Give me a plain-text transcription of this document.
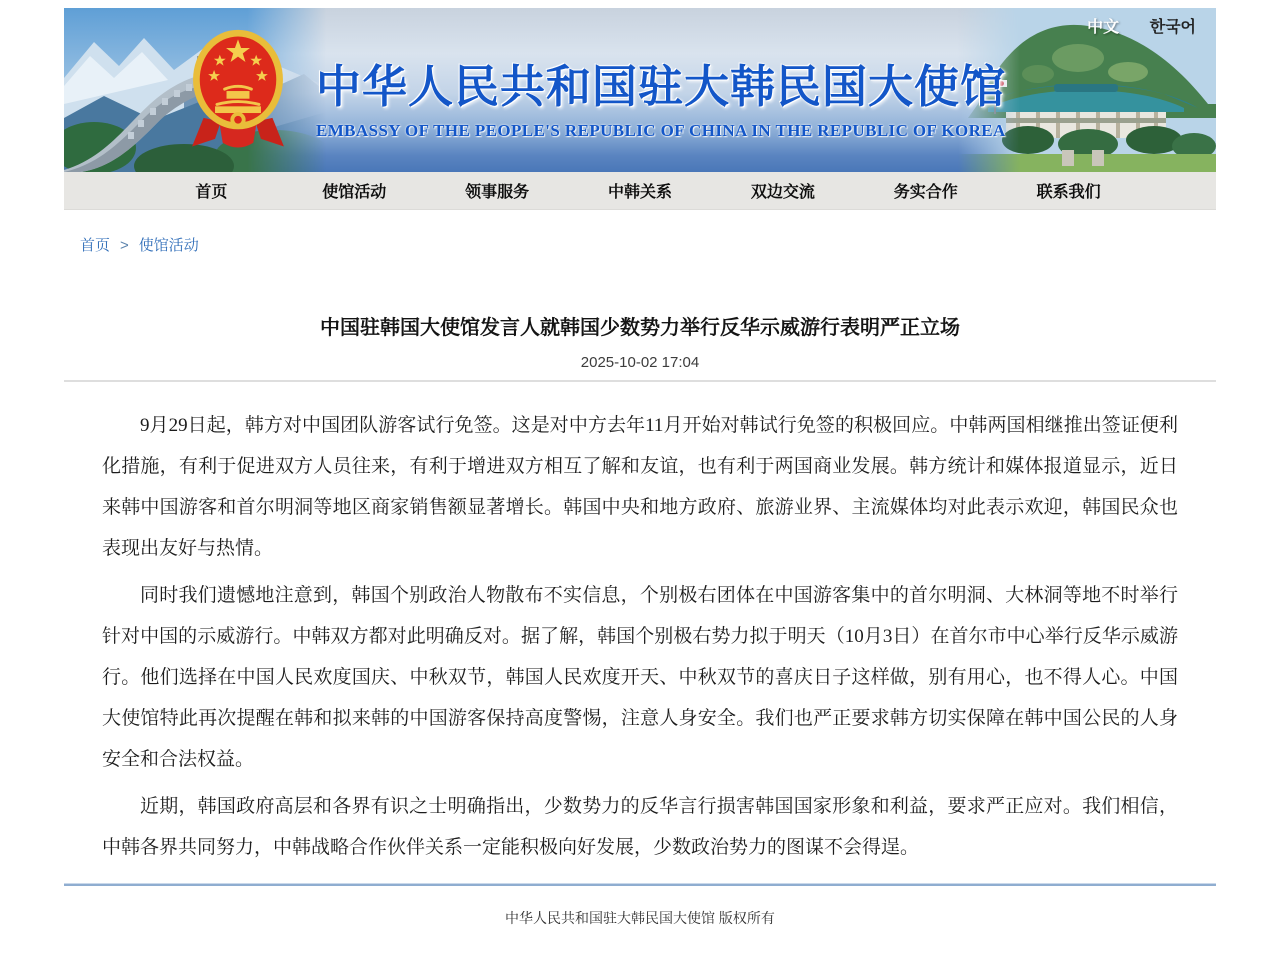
中华人民共和国驻大韩民国大使馆
EMBASSY OF THE PEOPLE'S REPUBLIC OF CHINA IN THE REPUBLIC OF KOREA
中文 한국어
首页	使馆活动	领事服务	中韩关系	双边交流	务实合作	联系我们
首页 > 使馆活动
中国驻韩国大使馆发言人就韩国少数势力举行反华示威游行表明严正立场
2025-10-02 17:04

9月29日起，韩方对中国团队游客试行免签。这是对中方去年11月开始对韩试行免签的积极回应。中韩两国相继推出签证便利化措施，有利于促进双方人员往来，有利于增进双方相互了解和友谊，也有利于两国商业发展。韩方统计和媒体报道显示，近日来韩中国游客和首尔明洞等地区商家销售额显著增长。韩国中央和地方政府、旅游业界、主流媒体均对此表示欢迎，韩国民众也表现出友好与热情。

同时我们遗憾地注意到，韩国个别政治人物散布不实信息，个别极右团体在中国游客集中的首尔明洞、大林洞等地不时举行针对中国的示威游行。中韩双方都对此明确反对。据了解，韩国个别极右势力拟于明天（10月3日）在首尔市中心举行反华示威游行。他们选择在中国人民欢度国庆、中秋双节，韩国人民欢度开天、中秋双节的喜庆日子这样做，别有用心，也不得人心。中国大使馆特此再次提醒在韩和拟来韩的中国游客保持高度警惕，注意人身安全。我们也严正要求韩方切实保障在韩中国公民的人身安全和合法权益。

近期，韩国政府高层和各界有识之士明确指出，少数势力的反华言行损害韩国国家形象和利益，要求严正应对。我们相信，中韩各界共同努力，中韩战略合作伙伴关系一定能积极向好发展，少数政治势力的图谋不会得逞。

中华人民共和国驻大韩民国大使馆 版权所有
